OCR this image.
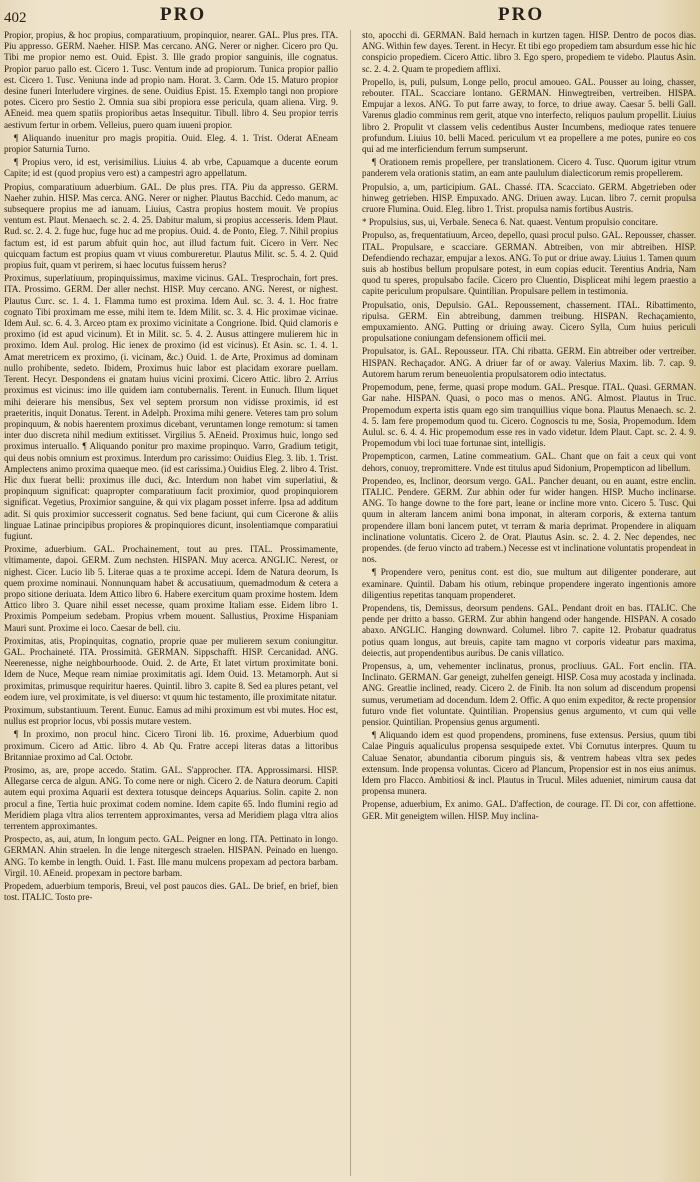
402	PRO	PRO

Propior, propius, & hoc propius, comparatiuum, propinquior, nearer. GAL. Plus pres. ITA. Piu appresso. GERM. Naeher. HISP. Mas cercano. ANG. Nerer or nigher. Cicero pro Qu. Tibi me propior nemo est. Ouid. Epist. 3. Ille grado propior sanguinis, ille cognatus. Propior paruo pallo est. Cicero 1. Tusc. Ventum inde ad propiorum. Tunica propior pallio est. Cicero 1. Tusc. Veniuna inde ad propio nam. Horat. 3. Carm. Ode 15. Maturo propior desine funeri Interludere virgines. de sene. Ouidius Epist. 15. Exemplo tangi non propiore potes. Cicero pro Sestio 2. Omnia sua sibi propiora esse pericula, quam aliena. Virg. 9. AEneid. mea quem spatiis propioribus aetas Insequitur. Tibull. libro 4. Seu propior terris aestivum fertur in orbem. Velleius, puero quam iuueni propior.

¶ Aliquando inuenitur pro magis propitia. Ouid. Eleg. 4. 1. Trist. Oderat AEneam propior Saturnia Turno.

¶ Propius vero, id est, verisimilius. Liuius 4. ab vrbe, Capuamque a ducente eorum Capite; id est (quod propius vero est) a campestri agro appellatum.

Propius, comparatiuum aduerbium. GAL. De plus pres. ITA. Piu da appresso. GERM. Naeher zuhin. HISP. Mas cerca. ANG. Nerer or nigher. Plautus Bacchid. Cedo manum, ac subsequere propius me ad ianuam. Liuius, Castra propius hostem mouit. Ve propius ventum est. Plaut. Menaech. sc. 2. 4. 25. Dabitur malum, si propius accesseris. Idem Plaut. Rud. sc. 2. 4. 2. fuge huc, fuge huc ad me propius. Ouid. 4. de Ponto, Eleg. 7. Nihil propius factum est, id est parum abfuit quin hoc, aut illud factum fuit. Cicero in Verr. Nec quicquam factum est propius quam vt viuus combureretur. Plautus Milit. sc. 5. 4. 2. Quid propius fuit, quam vt perirem, si haec locutus fuissem herus?

Proximus, superlatiuum, propinquissimus, maxime vicinus. GAL. Tresprochain, fort pres. ITA. Prossimo. GERM. Der aller nechst. HISP. Muy cercano. ANG. Nerest, or nighest. Plautus Curc. sc. 1. 4. 1. Flamma tumo est proxima. Idem Aul. sc. 3. 4. 1. Hoc fratre cognato Tibi proximam me esse, mihi item te. Idem Milit. sc. 3. 4. Hic proximae vicinae. Idem Aul. sc. 6. 4. 3. Arceo ptam ex proximo vicinitate a Congrione. Ibid. Quid clamoris e proximo (id est apud vicinum). Et in Milit. sc. 5. 4. 2. Ausus attingere mulierem hic in proximo. Idem Aul. prolog. Hic ienex de proximo (id est vicinus). Et Asin. sc. 1. 4. 1. Amat meretricem ex proximo, (i. vicinam, &c.) Ouid. 1. de Arte, Proximus ad dominam nullo prohibente, sedeto. Ibidem, Proximus huic labor est placidam exorare puellam. Terent. Hecyr. Despondens ei gnatam huius vicini proximi. Cicero Attic. libro 2. Arrius proximus est vicinus: imo ille quidem iam contubernalis. Terent. in Eunuch. Illum liquet mihi deierare his mensibus, Sex vel septem prorsum non vidisse proximis, id est praeteritis, inquit Donatus. Terent. in Adelph. Proxima mihi genere. Veteres tam pro solum propinquum, & nobis haerentem proximus dicebant, veruntamen longe remotum: si tamen inter duo discreta nihil medium extitisset. Virgilius 5. AEneid. Proximus huic, longo sed proximus interuallo. ¶ Aliquando ponitur pro maxime propinquo. Varro, Gradium tetigit, qui deus nobis omnium est proximus. Interdum pro carissimo: Ouidius Eleg. 3. lib. 1. Trist. Amplectens animo proxima quaeque meo. (id est carissima.) Ouidius Eleg. 2. libro 4. Trist. Hic dux fuerat belli: proximus ille duci, &c. Interdum non habet vim superlatiui, & propinquum significat: quapropter comparatiuum facit proximior, quod propinquiorem significat. Vegetius, Proximior sanguine, & qui vix plagam posset inferre. Ipsa ad additum adit. Si quis proximior successerit cognatus. Sed bene faciunt, qui cum Cicerone & aliis linguae Latinae principibus propiores & propinquiores dicunt, insolentiamque comparatiui fugiunt.

Proxime, aduerbium. GAL. Prochainement, tout au pres. ITAL. Prossimamente, vltimamente, dapoi. GERM. Zum nechsten. HISPAN. Muy acerca. ANGLIC. Nerest, or nighest. Cicer. Lucio lib 5. Literae quas a te proxime accepi. Idem de Natura deorum, Is quem proxime nominaui. Nonnunquam habet & accusatiuum, quemadmodum & cetera a propo sitione deriuata. Idem Attico libro 6. Habere exercitum quam proxime hostem. Idem Attico libro 3. Quare nihil esset necesse, quam proxime Italiam esse. Eidem libro 1. Proximis Pompeium sedebam. Propius vrbem mouent. Sallustius, Proxime Hispaniam Mauri sunt. Proxime ei loco. Caesar de bell. ciu.

Proximitas, atis, Propinquitas, cognatio, proprie quae per mulierem sexum coniungitur. GAL. Prochaineté. ITA. Prossimità. GERMAN. Sippschafft. HISP. Cercanidad. ANG. Neerenesse, nighe neighbourhoode. Ouid. 2. de Arte, Et latet virtum proximitate boni. Idem de Nuce, Meque ream nimiae proximitatis agi. Idem Ouid. 13. Metamorph. Aut si proximitas, primusque requiritur haeres. Quintil. libro 3. capite 8. Sed ea plures petant, vel eodem iure, vel proximitate, is vel diuerso: vt quum hic testamento, ille proximitate nitatur.

Proximum, substantiuum. Terent. Eunuc. Eamus ad mihi proximum est vbi mutes. Hoc est, nullus est proprior locus, vbi possis mutare vestem.

¶ In proximo, non procul hinc. Cicero Tironi lib. 16. proxime, Aduerbium quod proximum. Cicero ad Attic. libro 4. Ab Qu. Fratre accepi literas datas a littoribus Britanniae proximo ad Cal. Octobr.

Prosimo, as, are, prope accedo. Statim. GAL. S'approcher. ITA. Approssimarsi. HISP. Allegarse cerca de algun. ANG. To come nere or nigh. Cicero 2. de Natura deorum. Capiti autem equi proxima Aquarii est dextera totusque deinceps Aquarius. Solin. capite 2. non procul a fine, Tertia huic proximat codem nomine. Idem capite 65. Indo flumini regio ad Meridiem plaga vltra alios terrentem approximantes, versa ad Meridiem plaga vltra alios terrentem approximantes.

Prospecto, as, aui, atum, In longum pecto. GAL. Peigner en long. ITA. Pettinato in longo. GERMAN. Ahin straelen. In die lenge nitergesch straelen. HISPAN. Peinado en luengo. ANG. To kembe in length. Ouid. 1. Fast. Ille manu mulcens propexam ad pectora barbam. Virgil. 10. AEneid. propexam in pectore barbam.

Propedem, aduerbium temporis, Breui, vel post paucos dies. GAL. De brief, en brief, bien tost. ITALIC. Tosto pre-

sto, apocchi di. GERMAN. Bald hernach in kurtzen tagen. HISP. Dentro de pocos dias. ANG. Within few dayes. Terent. in Hecyr. Et tibi ego propediem tam absurdum esse hic hic conspicio propediem. Cicero Attic. libro 3. Ego spero, propediem te videbo. Plautus Asin. sc. 2. 4. 2. Quam te propediem afflixi.

Propello, is, puli, pulsum, Longe pello, procul amoueo. GAL. Pousser au loing, chasser, rebouter. ITAL. Scacciare lontano. GERMAN. Hinwegtreiben, vertreiben. HISPA. Empujar a lexos. ANG. To put farre away, to force, to driue away. Caesar 5. belli Gall. Varenus gladio comminus rem gerit, atque vno interfecto, reliquos paulum propellit. Liuius libro 2. Propulit vt classem velis cedentibus Auster Incumbens, medioque rates tenuere profundum. Liuius 10. belli Maced. periculum vt ea propellere a me potes, punire eo cos qui ad me interficiendum ferrum sumpserunt.

¶ Orationem remis propellere, per translationem. Cicero 4. Tusc. Quorum igitur vtrum panderem vela orationis statim, an eam ante paululum dialecticorum remis propellerem.

Propulsio, a, um, participium. GAL. Chassé. ITA. Scacciato. GERM. Abgetrieben oder hinweg getrieben. HISP. Empuxado. ANG. Driuen away. Lucan. libro 7. cernit propulsa cruore Flumina. Ouid. Eleg. libro 1. Trist. propulsa namis fortibus Austris.

* Propulsius, sus, ui, Verbale. Seneca 6. Nat. quaest. Ventum propulsio concitare.

Propulso, as, frequentatiuum, Arceo, depello, quasi procul pulso. GAL. Repousser, chasser. ITAL. Propulsare, e scacciare. GERMAN. Abtreiben, von mir abtreiben. HISP. Defendiendo rechazar, empujar a lexos. ANG. To put or driue away. Liuius 1. Tamen quum suis ab hostibus bellum propulsare potest, in eum copias educit. Terentius Andria, Nam quod tu speres, propulsabo facile. Cicero pro Cluentio, Displiceat mihi legem praestio a capite periculum propulsare. Quintilian. Propulsare pellem in testimonia.

Propulsatio, onis, Depulsio. GAL. Repoussement, chassement. ITAL. Ribattimento, ripulsa. GERM. Ein abtreibung, dammen treibung. HISPAN. Rechaçamiento, empuxamiento. ANG. Putting or driuing away. Cicero Sylla, Cum huius periculi propulsatione coniungam defensionem officii mei.

Propulsator, is. GAL. Repousseur. ITA. Chi ribatta. GERM. Ein abtreiber oder vertreiber. HISPAN. Rechaçador. ANG. A driuer far of or away. Valerius Maxim. lib. 7. cap. 9. Autorem harum rerum beneuolentia propulsatorem odio intectatus.

Propemodum, pene, ferme, quasi prope modum. GAL. Presque. ITAL. Quasi. GERMAN. Gar nahe. HISPAN. Quasi, o poco mas o menos. ANG. Almost. Plautus in Truc. Propemodum experta istis quam ego sim tranquillius vique bona. Plautus Menaech. sc. 2. 4. 5. Iam fere propemodum quod tu. Cicero. Cognoscis tu me, Sosia, Propemodum. Idem Aulul. sc. 6. 4. 4. Hic propemodum esse res in vado videtur. Idem Plaut. Capt. sc. 2. 4. 9. Propemodum vbi loci tuae fortunae sint, intelligis.

Propempticon, carmen, Latine commeatium. GAL. Chant que on fait a ceux qui vont dehors, conuoy, trepromittere. Vnde est titulus apud Sidonium, Propempticon ad libellum.

Propendeo, es, Inclinor, deorsum vergo. GAL. Pancher deuant, ou en auant, estre enclin. ITALIC. Pendere. GERM. Zur abhin oder fur wider hangen. HISP. Mucho inclinarse. ANG. To hange downe to the fore part, leane or incline more vnto. Cicero 5. Tusc. Qui quum in alteram lancem animi bona imponat, in alteram corporis, & externa tantum propendere illam boni lancem putet, vt terram & maria deprimat. Propendere in aliquam inclinatione voluntatis. Cicero 2. de Orat. Plautus Asin. sc. 2. 4. 2. Nec dependes, nec propendes. (de feruo vincto ad trabem.) Necesse est vt inclinatione voluntatis propendeat in nos.

¶ Propendere vero, penitus cont. est dio, sue multum aut diligenter ponderare, aut examinare. Quintil. Dabam his otium, rebinque propendere ingerato ingentionis amore diligentius repetitas tanquam propenderet.

Propendens, tis, Demissus, deorsum pendens. GAL. Pendant droit en bas. ITALIC. Che pende per dritto a basso. GERM. Zur abhin hangend oder hangende. HISPAN. A cosado abaxo. ANGLIC. Hanging downward. Columel. libro 7. capite 12. Probatur quadratus potius quam longus, aut breuis, capite tam magno vt corporis videatur pars maxima, deiectis, aut propendentibus auribus. De canis villatico.

Propensus, a, um, vehementer inclinatus, pronus, procliuus. GAL. Fort enclin. ITA. Inclinato. GERMAN. Gar geneigt, zuhelfen geneigt. HISP. Cosa muy acostada y inclinada. ANG. Greatlie inclined, ready. Cicero 2. de Finib. Ita non solum ad discendum propensi sumus, verumetiam ad docendum. Idem 2. Offic. A quo enim expeditor, & recte propensior futuro vnde fiet voluntate. Quintilian. Propensius genus argumento, vt cum qui velle pensior. Quintilian. Propensius genus argumenti.

¶ Aliquando idem est quod propendens, prominens, fuse extensus. Persius, quum tibi Calae Pinguis aqualiculus propensa sesquipede extet. Vbi Cornutus interpres. Quum tu Caluae Senator, abundantia ciborum pinguis sis, & ventrem habeas vltra sex pedes extensum. Inde propensa voluntas. Cicero ad Plancum, Propensior est in nos eius animus. Idem pro Flacco. Ambitiosi & incl. Plautus in Trucul. Miles adueniet, nimirum causa dat propensa munera.

Propense, aduerbium, Ex animo. GAL. D'affection, de courage. IT. Di cor, con affettione. GER. Mit geneigtem willen. HISP. Muy inclina-
